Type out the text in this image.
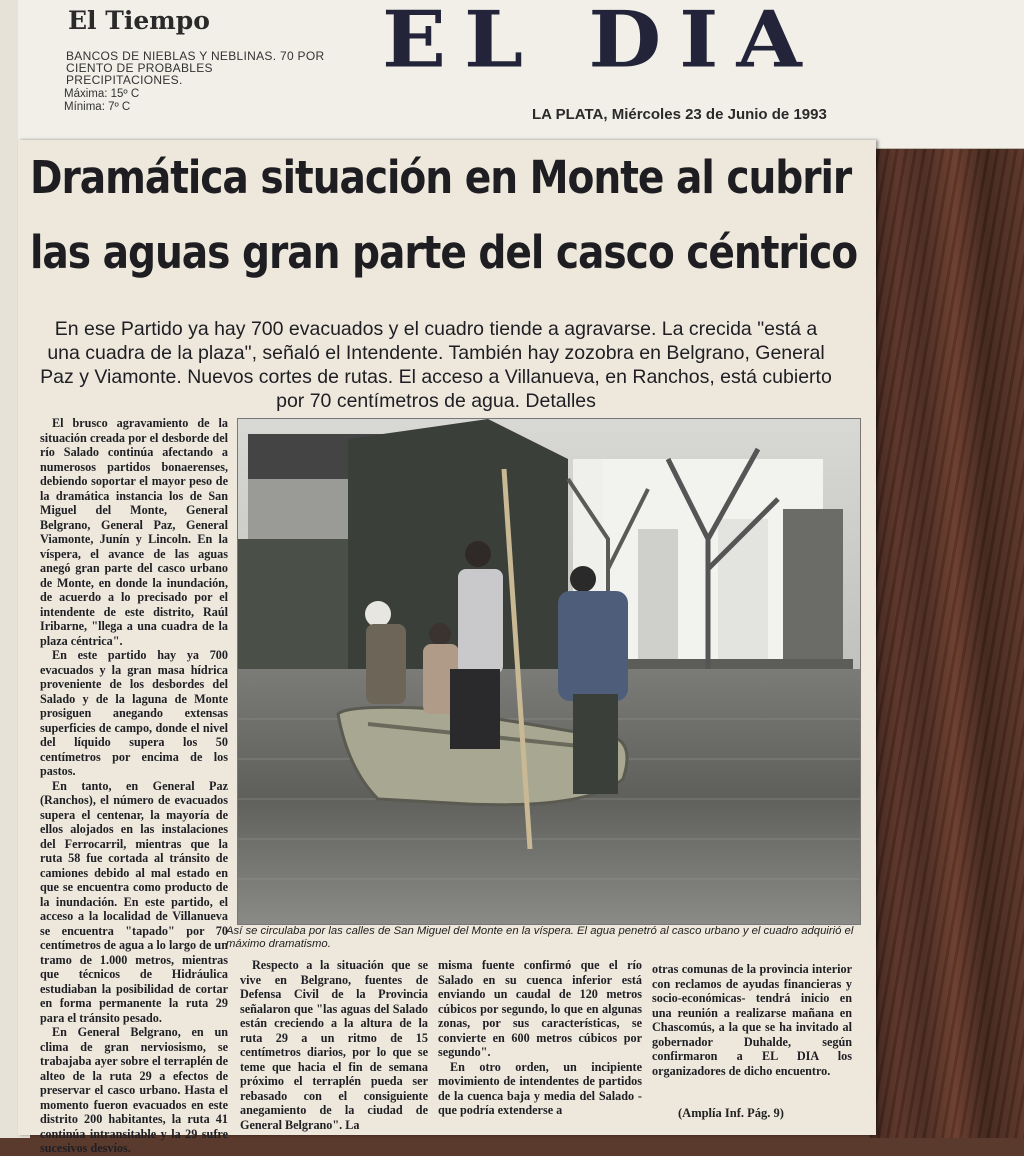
El Tiempo
BANCOS DE NIEBLAS Y NEBLINAS. 70 POR CIENTO DE PROBABLES PRECIPITACIONES.
Máxima: 15º C
Mínima: 7º C
EL DIA
LA PLATA, Miércoles 23 de Junio de 1993
Dramática situación en Monte al cubrir
las aguas gran parte del casco céntrico
En ese Partido ya hay 700 evacuados y el cuadro tiende a agravarse. La crecida "está a una cuadra de la plaza", señaló el Intendente. También hay zozobra en Belgrano, General Paz y Viamonte. Nuevos cortes de rutas. El acceso a Villanueva, en Ranchos, está cubierto por 70 centímetros de agua. Detalles

El brusco agravamiento de la situación creada por el desborde del río Salado continúa afectando a numerosos partidos bonaerenses, debiendo soportar el mayor peso de la dramática instancia los de San Miguel del Monte, General Belgrano, General Paz, General Viamonte, Junín y Lincoln. En la víspera, el avance de las aguas anegó gran parte del casco urbano de Monte, en donde la inundación, de acuerdo a lo precisado por el intendente de este distrito, Raúl Iribarne, "llega a una cuadra de la plaza céntrica".

En este partido hay ya 700 evacuados y la gran masa hídrica proveniente de los desbordes del Salado y de la laguna de Monte prosiguen anegando extensas superficies de campo, donde el nivel del líquido supera los 50 centímetros por encima de los pastos.

En tanto, en General Paz (Ranchos), el número de evacuados supera el centenar, la mayoría de ellos alojados en las instalaciones del Ferrocarril, mientras que la ruta 58 fue cortada al tránsito de camiones debido al mal estado en que se encuentra como producto de la inundación. En este partido, el acceso a la localidad de Villanueva se encuentra "tapado" por 70 centímetros de agua a lo largo de un tramo de 1.000 metros, mientras que técnicos de Hidráulica estudiaban la posibilidad de cortar en forma permanente la ruta 29 para el tránsito pesado.

En General Belgrano, en un clima de gran nerviosismo, se trabajaba ayer sobre el terraplén de alteo de la ruta 29 a efectos de preservar el casco urbano. Hasta el momento fueron evacuados en este distrito 200 habitantes, la ruta 41 continúa intransitable y la 29 sufre sucesivos desvíos.

Así se circulaba por las calles de San Miguel del Monte en la víspera. El agua penetró al casco urbano y el cuadro adquirió el máximo dramatismo.

Respecto a la situación que se vive en Belgrano, fuentes de Defensa Civil de la Provincia señalaron que "las aguas del Salado están creciendo a la altura de la ruta 29 a un ritmo de 15 centímetros diarios, por lo que se teme que hacia el fin de semana próximo el terraplén pueda ser rebasado con el consiguiente anegamiento de la ciudad de General Belgrano". La

misma fuente confirmó que el río Salado en su cuenca inferior está enviando un caudal de 120 metros cúbicos por segundo, lo que en algunas zonas, por sus características, se convierte en 600 metros cúbicos por segundo".

En otro orden, un incipiente movimiento de intendentes de partidos de la cuenca baja y media del Salado -que podría extenderse a

otras comunas de la provincia interior con reclamos de ayudas financieras y socio-económicas- tendrá inicio en una reunión a realizarse mañana en Chascomús, a la que se ha invitado al gobernador Duhalde, según confirmaron a EL DIA los organizadores de dicho encuentro.

(Amplía Inf. Pág. 9)
